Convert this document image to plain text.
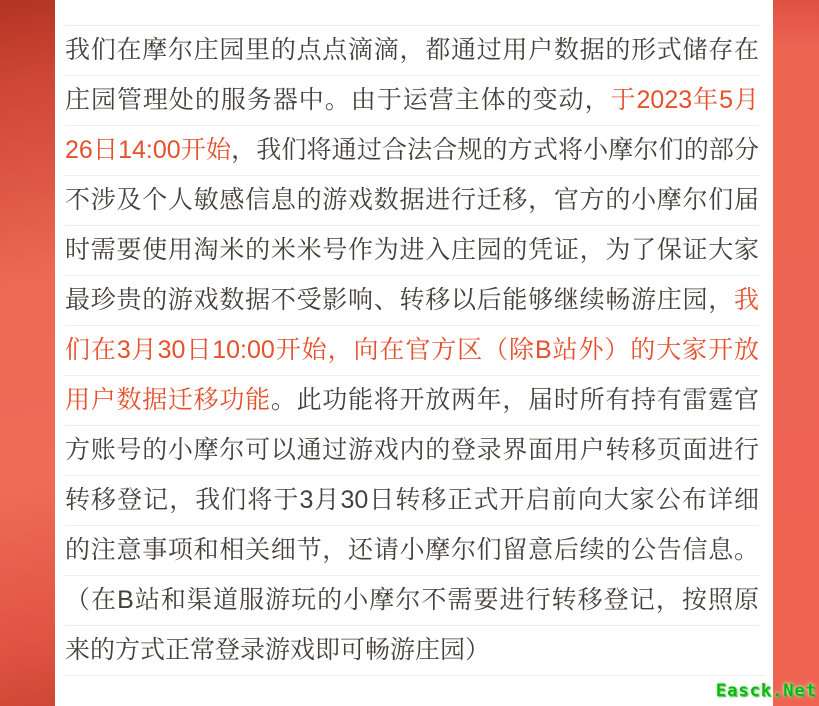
我们在摩尔庄园里的点点滴滴，都通过用户数据的形式储存在
庄园管理处的服务器中。由于运营主体的变动，于2023年5月
26日14:00开始，我们将通过合法合规的方式将小摩尔们的部分
不涉及个人敏感信息的游戏数据进行迁移，官方的小摩尔们届
时需要使用淘米的米米号作为进入庄园的凭证，为了保证大家
最珍贵的游戏数据不受影响、转移以后能够继续畅游庄园，我
们在3月30日10:00开始，向在官方区（除B站外）的大家开放
用户数据迁移功能。此功能将开放两年，届时所有持有雷霆官
方账号的小摩尔可以通过游戏内的登录界面用户转移页面进行
转移登记，我们将于3月30日转移正式开启前向大家公布详细
的注意事项和相关细节，还请小摩尔们留意后续的公告信息。
（在B站和渠道服游玩的小摩尔不需要进行转移登记，按照原
来的方式正常登录游戏即可畅游庄园）
Easck.Net
